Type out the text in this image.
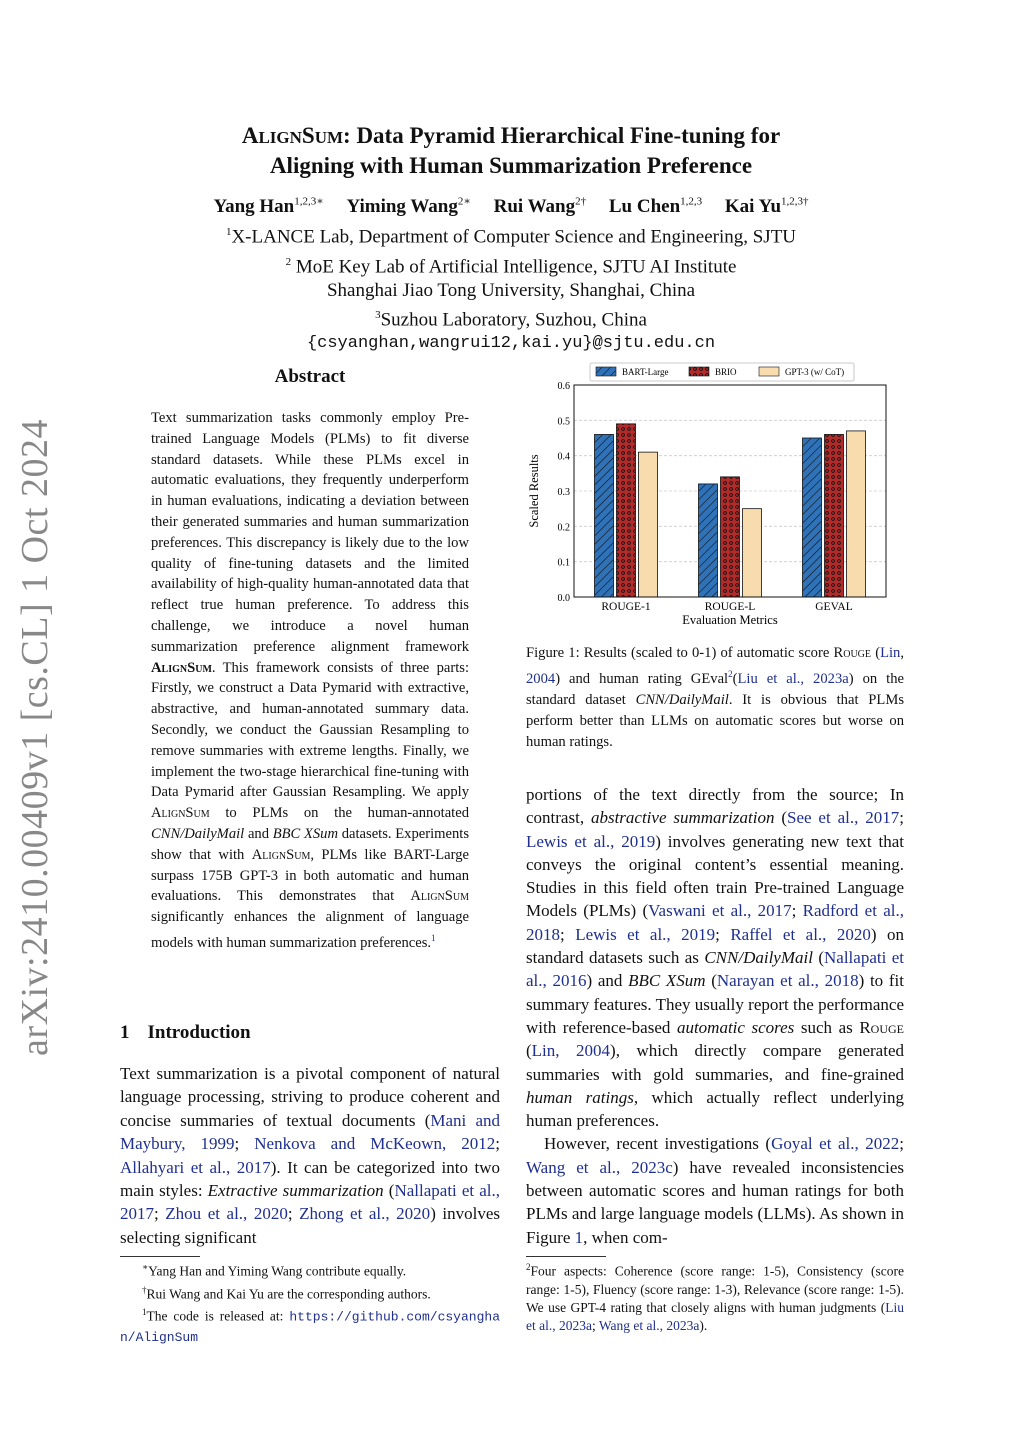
arXiv:2410.00409v1 [cs.CL] 1 Oct 2024
ALIGNSUM: Data Pyramid Hierarchical Fine-tuning for
Aligning with Human Summarization Preference
Yang Han$^{1,2,3∗}$ Yiming Wang$^{2∗}$ Rui Wang$^{2\dagger}$ Lu Chen$^{1,2,3}$ Kai $Yu^{1,2,3\dagger}$
$^1$X-LANCE Lab, Department of Computer Science and Engineering, SJTU
$^2$ MoE Key Lab of Artificial Intelligence, SJTU AI Institute
Shanghai Jiao Tong University, Shanghai, China
$^3$Suzhou Laboratory, Suzhou, China
{csyanghan,wangrui12,kai.yu}@sjtu.edu.cn
Abstract
Text summarization tasks commonly employ Pre-trained Language Models (PLMs) to fit diverse standard datasets. While these PLMs excel in automatic evaluations, they frequently underperform in human evaluations, indicating a deviation between their generated summaries and human summarization preferences. This discrepancy is likely due to the low quality of fine-tuning datasets and the limited availability of high-quality human-annotated data that reflect true human preference. To address this challenge, we introduce a novel human summarization preference alignment framework AlignSum. This framework consists of three parts: Firstly, we construct a Data Pymarid with extractive, abstractive, and human-annotated summary data. Secondly, we conduct the Gaussian Resampling to remove summaries with extreme lengths. Finally, we implement the two-stage hierarchical fine-tuning with Data Pymarid after Gaussian Resampling. We apply AlignSum to PLMs on the human-annotated CNN/DailyMail and BBC XSum datasets. Experiments show that with AlignSum, PLMs like BART-Large surpass 175B GPT-3 in both automatic and human evaluations. This demonstrates that AlignSum significantly enhances the alignment of language models with human summarization preferences.$^1$
1 Introduction
Text summarization is a pivotal component of natural language processing, striving to produce coherent and concise summaries of textual documents (Mani and Maybury, 1999; Nenkova and McKeown, 2012; Allahyari et al., 2017). It can be categorized into two main styles: Extractive summarization (Nallapati et al., 2017; Zhou et al., 2020; Zhong et al., 2020) involves selecting significant
∗Yang Han and Yiming Wang contribute equally.
†Rui Wang and Kai Yu are the corresponding authors.
$^1$The code is released at: https://github.com/csyanghan/AlignSum
0.0
0.1
0.2
0.3
0.4
0.5
0.6
ROUGE-1	ROUGE-L	GEVAL
Evaluation Metrics
Scaled Results
BART-Large	BRIO	GPT-3 (w/ CoT)
Figure 1: Results (scaled to 0-1) of automatic score Rouge (Lin, 2004) and human rating GEval$^2$(Liu et al., 2023a) on the standard dataset CNN/DailyMail. It is obvious that PLMs perform better than LLMs on automatic scores but worse on human ratings.

portions of the text directly from the source; In contrast, abstractive summarization (See et al., 2017; Lewis et al., 2019) involves generating new text that conveys the original content’s essential meaning. Studies in this field often train Pre-trained Language Models (PLMs) (Vaswani et al., 2017; Radford et al., 2018; Lewis et al., 2019; Raffel et al., 2020) on standard datasets such as CNN/DailyMail (Nallapati et al., 2016) and BBC XSum (Narayan et al., 2018) to fit summary features. They usually report the performance with reference-based automatic scores such as Rouge (Lin, 2004), which directly compare generated summaries with gold summaries, and fine-grained human ratings, which actually reflect underlying human preferences.

However, recent investigations (Goyal et al., 2022; Wang et al., 2023c) have revealed inconsistencies between automatic scores and human ratings for both PLMs and large language models (LLMs). As shown in Figure 1, when com-

$^2$Four aspects: Coherence (score range: 1-5), Consistency (score range: 1-5), Fluency (score range: 1-3), Relevance (score range: 1-5). We use GPT-4 rating that closely aligns with human judgments (Liu et al., 2023a; Wang et al., 2023a).
